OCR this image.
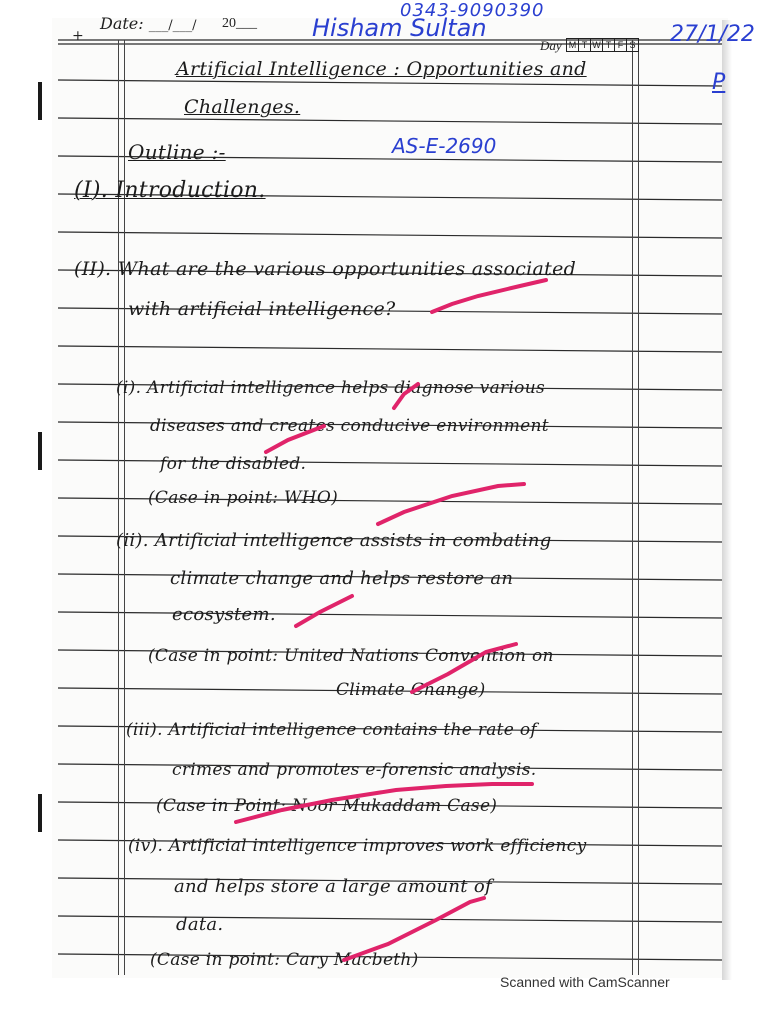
+
Date: ___/___/ 20___
Day M T W T F S
0343-9090390
Hisham Sultan	27/1/22
P
AS-E-2690
Artificial Intelligence : Opportunities and
Challenges.
Outline :-
(I). Introduction.
(II). What are the various opportunities associated
with artificial intelligence?
(i). Artificial intelligence helps diagnose various
diseases and creates conducive environment
for the disabled.
(Case in point: WHO)
(ii). Artificial intelligence assists in combating
climate change and helps restore an
ecosystem.
(Case in point: United Nations Convention on
Climate Change)
(iii). Artificial intelligence contains the rate of
crimes and promotes e-forensic analysis.
(Case in Point: Noor Mukaddam Case)
(iv). Artificial intelligence improves work efficiency
and helps store a large amount of
data.
(Case in point: Cary Macbeth)
Scanned with CamScanner
